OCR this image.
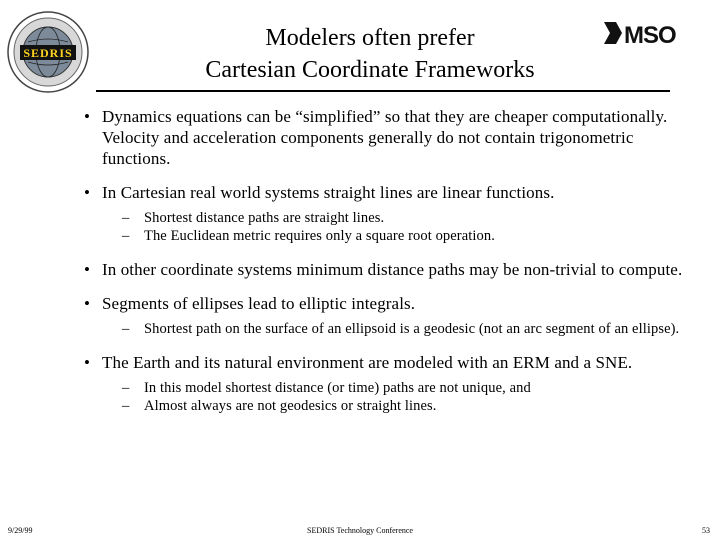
SEDRIS
Modelers often prefer
Cartesian Coordinate Frameworks
MSO
• Dynamics equations can be “simplified” so that they are cheaper computationally. Velocity and acceleration components generally do not contain trigonometric functions.
• In Cartesian real world systems straight lines are linear functions.
– Shortest distance paths are straight lines.
– The Euclidean metric requires only a square root operation.
• In other coordinate systems minimum distance paths may be non-trivial to compute.
• Segments of ellipses lead to elliptic integrals.
– Shortest path on the surface of an ellipsoid is a geodesic (not an arc segment of an ellipse).
• The Earth and its natural environment are modeled with an ERM and a SNE.
– In this model shortest distance (or time) paths are not unique, and
– Almost always are not geodesics or straight lines.
9/29/99	SEDRIS Technology Conference	53
